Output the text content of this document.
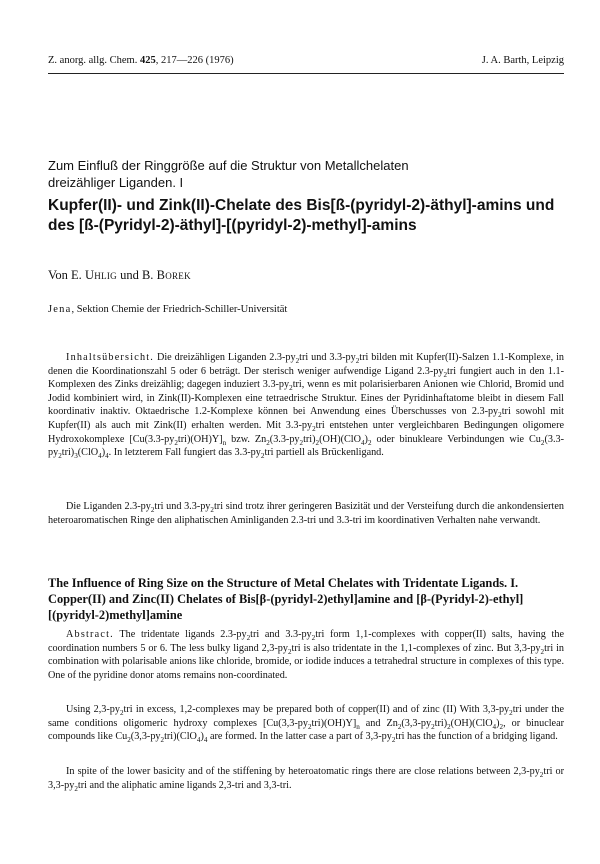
Z. anorg. allg. Chem. 425, 217—226 (1976)	J. A. Barth, Leipzig
Zum Einfluß der Ringgröße auf die Struktur von Metallchelaten
dreizähliger Liganden. I
Kupfer(II)- und Zink(II)-Chelate des Bis[ß-(pyridyl-2)-äthyl]-amins und des [ß-(Pyridyl-2)-äthyl]-[(pyridyl-2)-methyl]-amins
Von E. Uhlig und B. Borek
Jena, Sektion Chemie der Friedrich-Schiller-Universität

Inhaltsübersicht. Die dreizähligen Liganden $2.3-py_2tri$ und $3.3-py_2tri$ bilden mit Kupfer(II)-Salzen 1.1-Komplexe, in denen die Koordinationszahl 5 oder 6 beträgt. Der sterisch weniger aufwendige Ligand $2.3-py_2tri$ fungiert auch in den 1.1-Komplexen des Zinks dreizählig; dagegen induziert $3.3-py_2tri$, wenn es mit polarisierbaren Anionen wie Chlorid, Bromid und Jodid kombiniert wird, in Zink(II)-Komplexen eine tetraedrische Struktur. Eines der Pyridinhaftatome bleibt in diesem Fall koordinativ inaktiv. Oktaedrische 1.2-Komplexe können bei Anwendung eines Überschusses von $2.3-py_2tri$ sowohl mit Kupfer(II) als auch mit Zink(II) erhalten werden. Mit $3.3-py_2tri$ entstehen unter vergleichbaren Bedingungen oligomere Hydroxokomplexe $[Cu(3.3-py_2tri)(OH)Y]_n$ bzw. $Zn_2(3.3-py_2tri)_2(OH)(ClO_4)_2$ oder binukleare Verbindungen wie $Cu_2(3.3-py_2tri)_3(ClO_4)_4$. In letzterem Fall fungiert das $3.3-py_2tri$ partiell als Brückenligand.

Die Liganden $2.3-py_2tri$ und $3.3-py_2tri$ sind trotz ihrer geringeren Basizität und der Versteifung durch die ankondensierten heteroaromatischen Ringe den aliphatischen Aminliganden 2.3-tri und 3.3-tri im koordinativen Verhalten nahe verwandt.

The Influence of Ring Size on the Structure of Metal Chelates with Tridentate Ligands. I. Copper(II) and Zinc(II) Chelates of Bis[β-(pyridyl-2)ethyl]amine and [β-(Pyridyl-2)-ethyl][(pyridyl-2)methyl]amine

Abstract. The tridentate ligands $2.3-py_2tri$ and $3.3-py_2tri$ form 1,1-complexes with copper(II) salts, having the coordination numbers 5 or 6. The less bulky ligand $2,3-py_2tri$ is also tridentate in the 1,1-complexes of zinc. But $3,3-py_2tri$ in combination with polarisable anions like chloride, bromide, or iodide induces a tetrahedral structure in complexes of this type. One of the pyridine donor atoms remains non-coordinated.

Using $2,3-py_2tri$ in excess, 1,2-complexes may be prepared both of copper(II) and of zinc (II) With $3,3-py_2tri$ under the same conditions oligomeric hydroxy complexes $[Cu(3,3-py_2tri)(OH)Y]_n$ and $Zn_2(3,3-py_2tri)_2(OH)(ClO_4)_2$, or binuclear compounds like $Cu_2(3,3-py_2tri)(ClO_4)_4$ are formed. In the latter case a part of $3,3-py_2tri$ has the function of a bridging ligand.

In spite of the lower basicity and of the stiffening by heteroatomatic rings there are close relations between $2,3-py_2tri$ or $3,3-py_2tri$ and the aliphatic amine ligands 2,3-tri and 3,3-tri.
